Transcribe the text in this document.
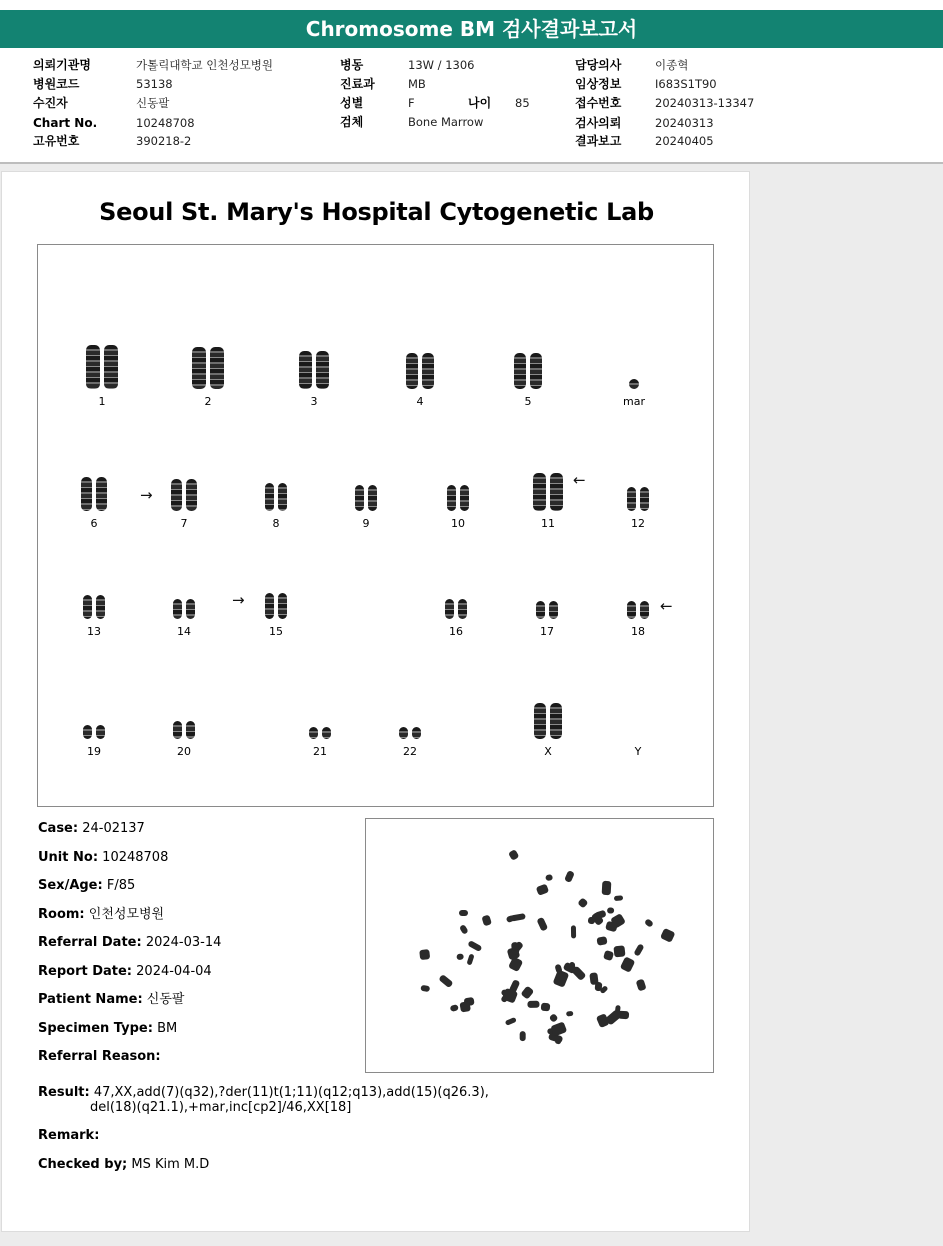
Chromosome BM 검사결과보고서
의뢰기관명	가톨릭대학교 인천성모병원
병원코드	53138
수진자	신동팔
Chart No.	10248708
고유번호	390218-2
병동	13W / 1306
진료과	MB
성별	F	나이 85
검체	Bone Marrow
담당의사	이종혁
임상정보	I683S1T90
접수번호	20240313-13347
검사의뢰	20240313
결과보고	20240405
Seoul St. Mary's Hospital Cytogenetic Lab
1	2	3	4	5	mar
6	7	8	9	10	11	12
13	14	15	16	17	18
19	20	21	22	X	Y
→
←
→	←
Case: 24-02137
Unit No: 10248708
Sex/Age: F/85
Room: 인천성모병원
Referral Date: 2024-03-14
Report Date: 2024-04-04
Patient Name: 신동팔
Specimen Type: BM
Referral Reason:
Result: 47,XX,add(7)(q32),?der(11)t(1;11)(q12;q13),add(15)(q26.3),
del(18)(q21.1),+mar,inc[cp2]/46,XX[18]
Remark:
Checked by; MS Kim M.D
